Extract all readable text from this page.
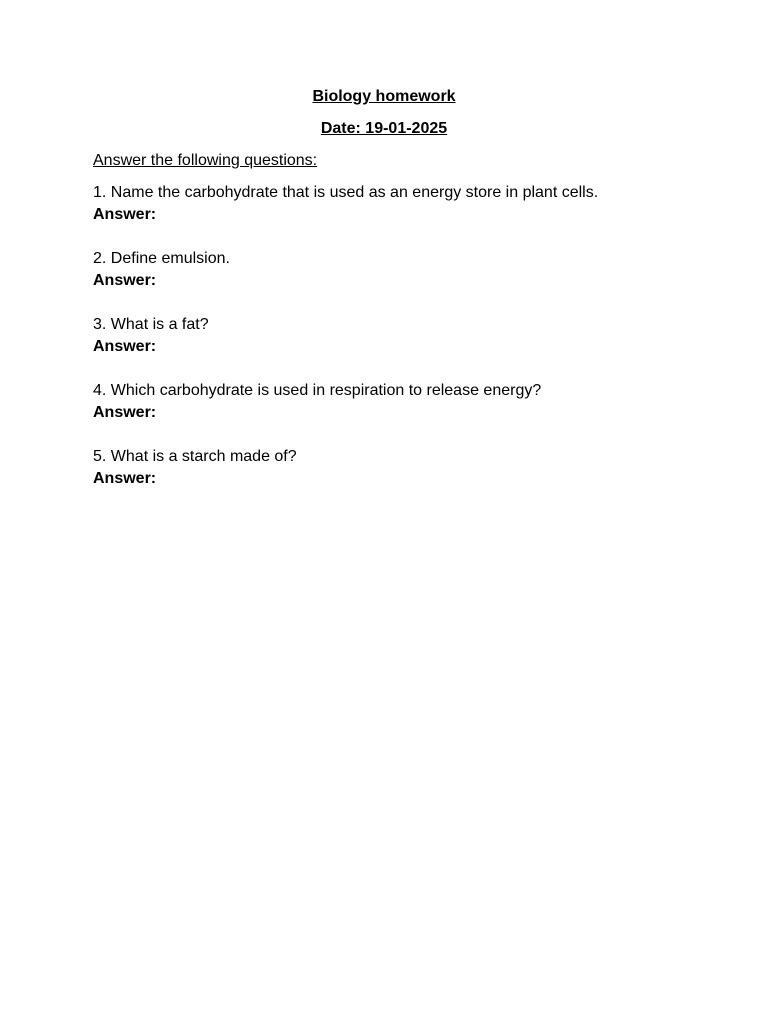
Biology homework
Date: 19-01-2025
Answer the following questions:
1. Name the carbohydrate that is used as an energy store in plant cells.
Answer:
2. Define emulsion.
Answer:
3. What is a fat?
Answer:
4. Which carbohydrate is used in respiration to release energy?
Answer:
5. What is a starch made of?
Answer:
